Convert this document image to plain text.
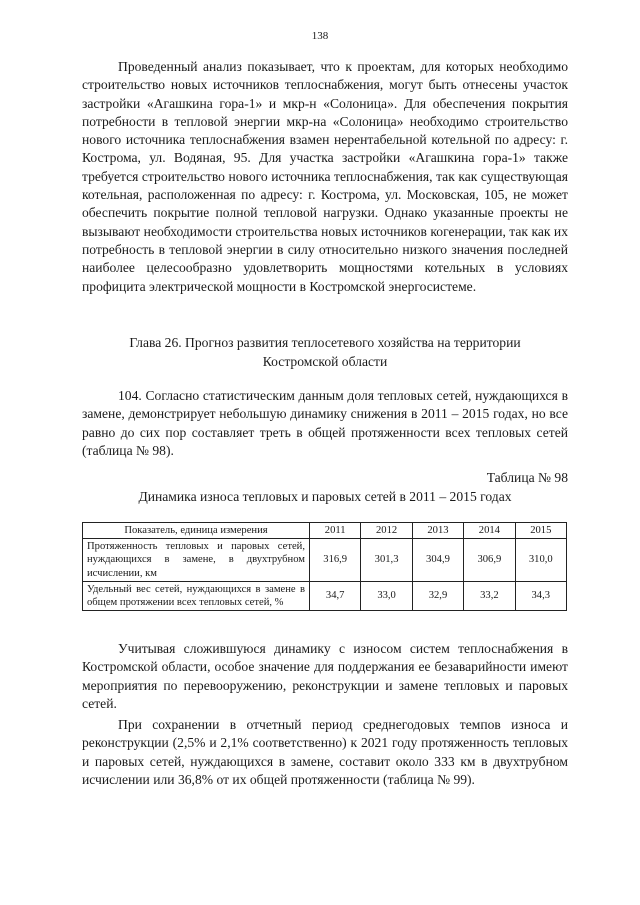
138

Проведенный анализ показывает, что к проектам, для которых необходимо строительство новых источников теплоснабжения, могут быть отнесены участок застройки «Агашкина гора-1» и мкр-н «Солоница». Для обеспечения покрытия потребности в тепловой энергии мкр-на «Солоница» необходимо строительство нового источника теплоснабжения взамен нерентабельной котельной по адресу: г. Кострома, ул. Водяная, 95. Для участка застройки «Агашкина гора-1» также требуется строительство нового источника теплоснабжения, так как существующая котельная, расположенная по адресу: г. Кострома, ул. Московская, 105, не может обеспечить покрытие полной тепловой нагрузки. Однако указанные проекты не вызывают необходимости строительства новых источников когенерации, так как их потребность в тепловой энергии в силу относительно низкого значения последней наиболее целесообразно удовлетворить мощностями котельных в условиях профицита электрической мощности в Костромской энергосистеме.

Глава 26. Прогноз развития теплосетевого хозяйства на территории
Костромской области

104. Согласно статистическим данным доля тепловых сетей, нуждающихся в замене, демонстрирует небольшую динамику снижения в 2011 – 2015 годах, но все равно до сих пор составляет треть в общей протяженности всех тепловых сетей (таблица № 98).

Таблица № 98
Динамика износа тепловых и паровых сетей в 2011 – 2015 годах
Показатель, единица измерения	2011	2012	2013	2014	2015
Протяженность тепловых и паровых сетей, нуждающихся в замене, в двухтрубном исчислении, км	316,9	301,3	304,9	306,9	310,0
Удельный вес сетей, нуждающихся в замене в общем протяжении всех тепловых сетей, %	34,7	33,0	32,9	33,2	34,3

Учитывая сложившуюся динамику с износом систем теплоснабжения в Костромской области, особое значение для поддержания ее безаварийности имеют мероприятия по перевооружению, реконструкции и замене тепловых и паровых сетей.

При сохранении в отчетный период среднегодовых темпов износа и реконструкции (2,5% и 2,1% соответственно) к 2021 году протяженность тепловых и паровых сетей, нуждающихся в замене, составит около 333 км в двухтрубном исчислении или 36,8% от их общей протяженности (таблица № 99).
